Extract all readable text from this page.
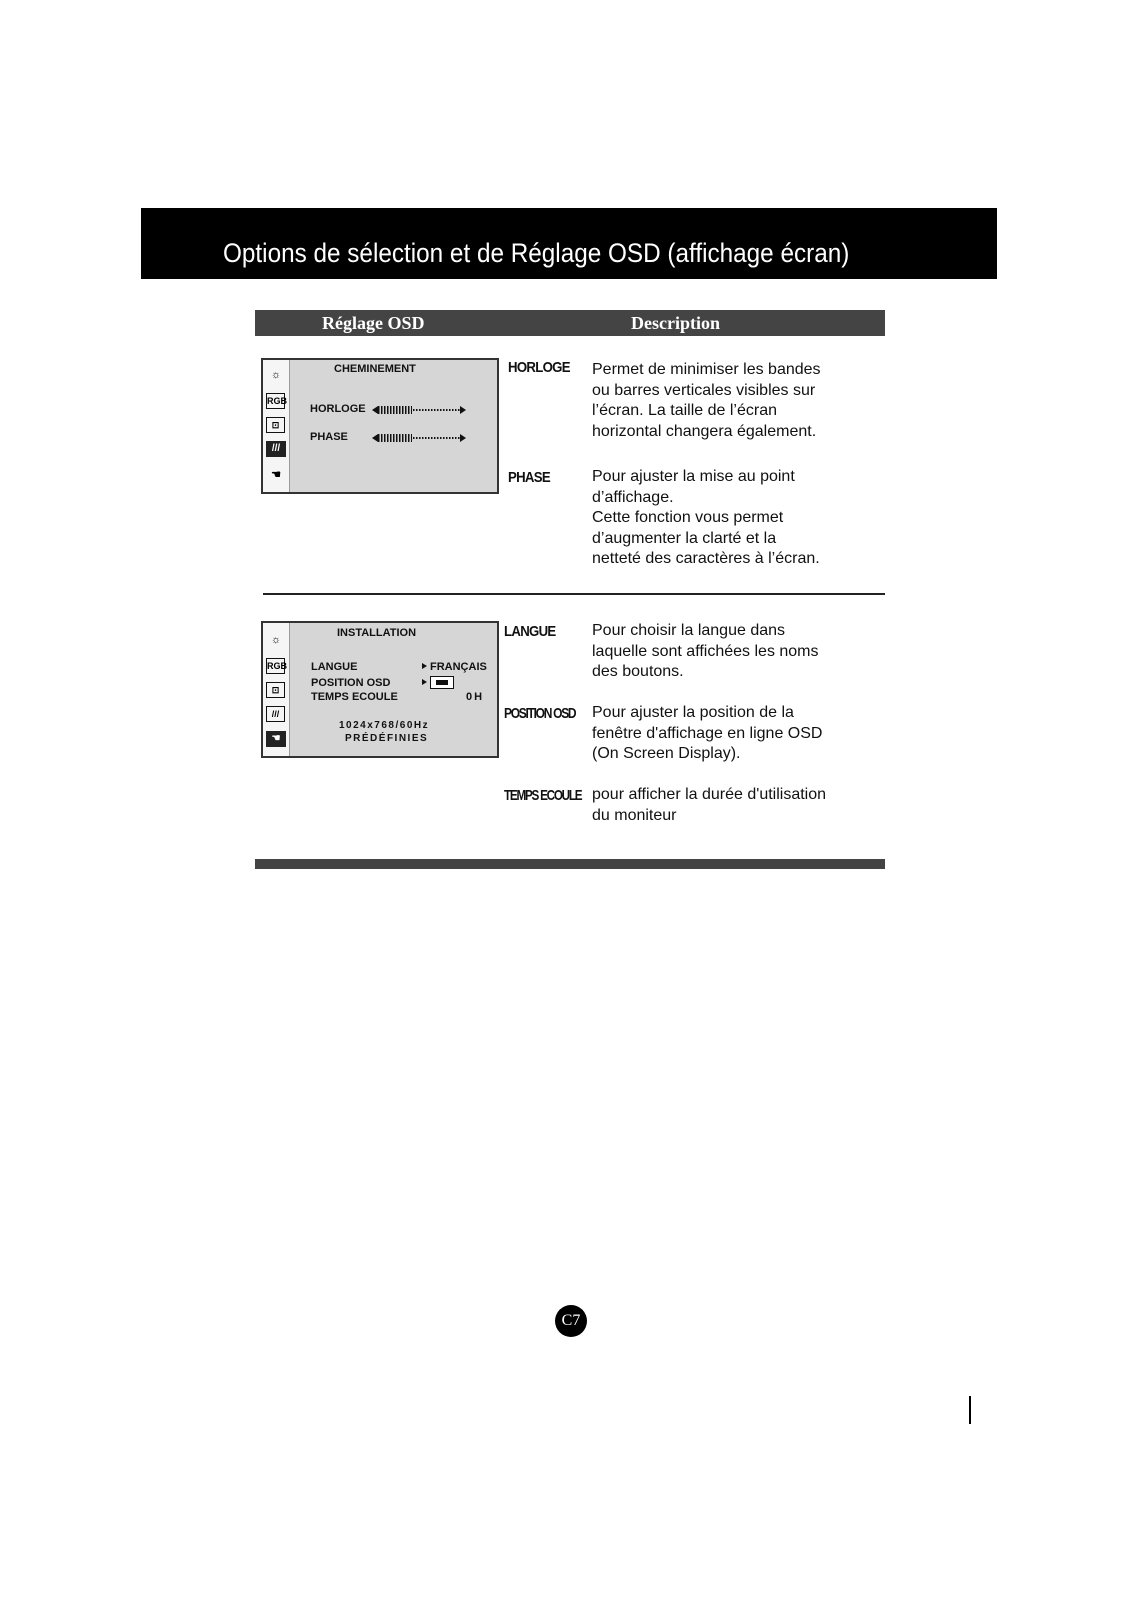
Options de sélection et de Réglage OSD (affichage écran)
Réglage OSD	Description
☼
RGB
⊡
///
☚
CHEMINEMENT
HORLOGE
PHASE
HORLOGE Permet de minimiser les bandes
ou barres verticales visibles sur
l’écran. La taille de l’écran
horizontal changera également.
PHASE	Pour ajuster la mise au point
d’affichage.
Cette fonction vous permet
d’augmenter la clarté et la
netteté des caractères à l’écran.
☼
RGB
⊡
///
☚
INSTALLATION
LANGUE	FRANÇAIS
POSITION OSD
TEMPS ECOULE	0H
1024x768/60Hz
PRÉDÉFINIES
LANGUE Pour choisir la langue dans
laquelle sont affichées les noms
des boutons.
POSITION OSD Pour ajuster la position de la
fenêtre d'affichage en ligne OSD
(On Screen Display).
TEMPS ECOULE pour afficher la durée d'utilisation
du moniteur
C7
